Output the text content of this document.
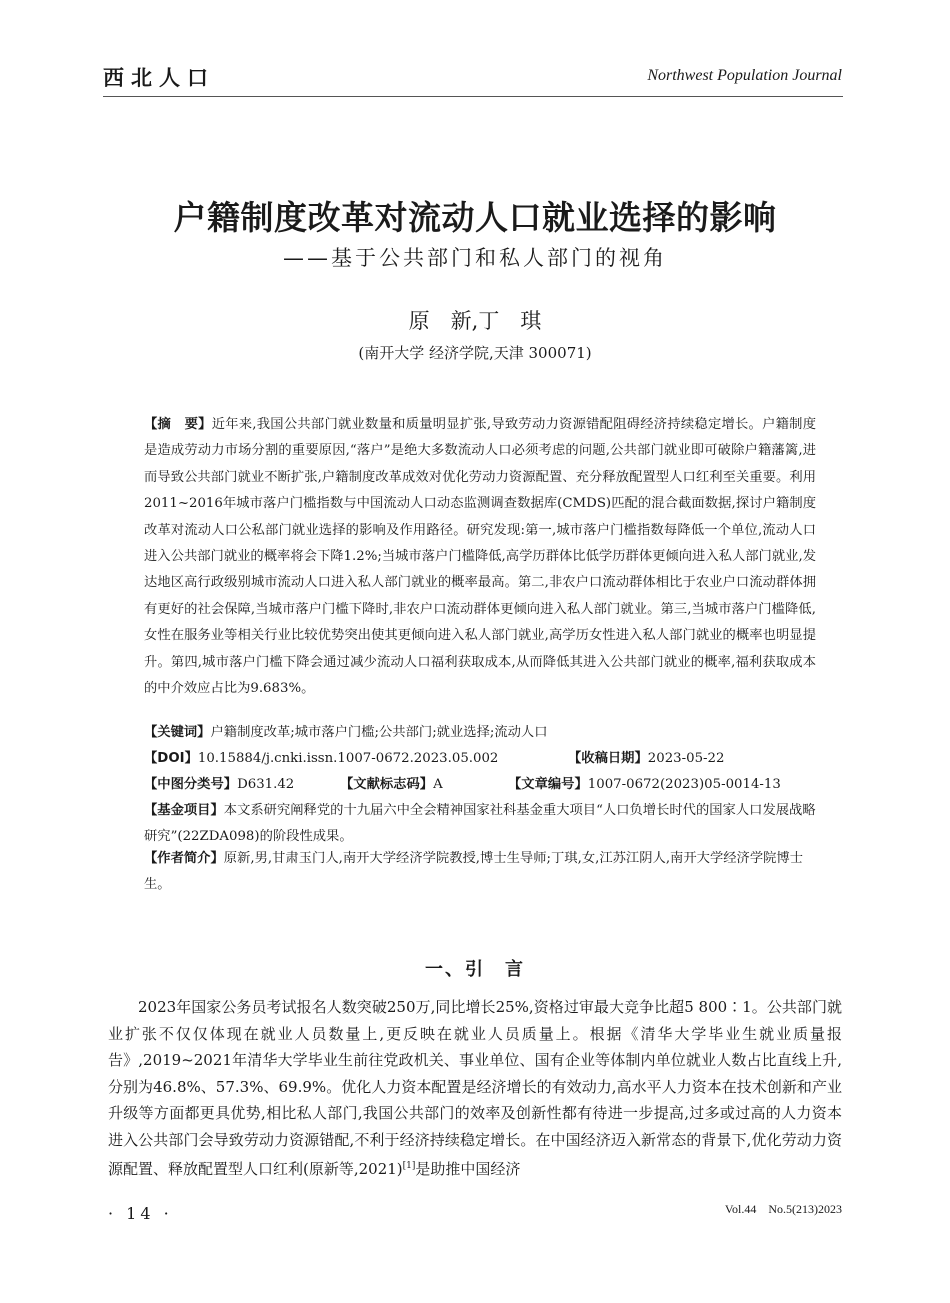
西北人口	Northwest Population Journal
户籍制度改革对流动人口就业选择的影响
——基于公共部门和私人部门的视角
原　新,丁　琪
(南开大学 经济学院,天津 300071)
【摘　要】近年来,我国公共部门就业数量和质量明显扩张,导致劳动力资源错配阻碍经济持续稳定增长。户籍制度是造成劳动力市场分割的重要原因,“落户”是绝大多数流动人口必须考虑的问题,公共部门就业即可破除户籍藩篱,进而导致公共部门就业不断扩张,户籍制度改革成效对优化劳动力资源配置、充分释放配置型人口红利至关重要。利用2011~2016年城市落户门槛指数与中国流动人口动态监测调查数据库(CMDS)匹配的混合截面数据,探讨户籍制度改革对流动人口公私部门就业选择的影响及作用路径。研究发现:第一,城市落户门槛指数每降低一个单位,流动人口进入公共部门就业的概率将会下降1.2%;当城市落户门槛降低,高学历群体比低学历群体更倾向进入私人部门就业,发达地区高行政级别城市流动人口进入私人部门就业的概率最高。第二,非农户口流动群体相比于农业户口流动群体拥有更好的社会保障,当城市落户门槛下降时,非农户口流动群体更倾向进入私人部门就业。第三,当城市落户门槛降低,女性在服务业等相关行业比较优势突出使其更倾向进入私人部门就业,高学历女性进入私人部门就业的概率也明显提升。第四,城市落户门槛下降会通过减少流动人口福利获取成本,从而降低其进入公共部门就业的概率,福利获取成本的中介效应占比为9.683%。
【关键词】户籍制度改革;城市落户门槛;公共部门;就业选择;流动人口
【DOI】10.15884/j.cnki.issn.1007-0672.2023.05.002	【收稿日期】2023-05-22
【中图分类号】D631.42	【文献标志码】A	【文章编号】1007-0672(2023)05-0014-13
【基金项目】本文系研究阐释党的十九届六中全会精神国家社科基金重大项目“人口负增长时代的国家人口发展战略研究”(22ZDA098)的阶段性成果。
【作者简介】原新,男,甘肃玉门人,南开大学经济学院教授,博士生导师;丁琪,女,江苏江阴人,南开大学经济学院博士生。
一、引　言
2023年国家公务员考试报名人数突破250万,同比增长25%,资格过审最大竞争比超5 800∶1。公共部门就业扩张不仅仅体现在就业人员数量上,更反映在就业人员质量上。根据《清华大学毕业生就业质量报告》,2019~2021年清华大学毕业生前往党政机关、事业单位、国有企业等体制内单位就业人数占比直线上升,分别为46.8%、57.3%、69.9%。优化人力资本配置是经济增长的有效动力,高水平人力资本在技术创新和产业升级等方面都更具优势,相比私人部门,我国公共部门的效率及创新性都有待进一步提高,过多或过高的人力资本进入公共部门会导致劳动力资源错配,不利于经济持续稳定增长。在中国经济迈入新常态的背景下,优化劳动力资源配置、释放配置型人口红利(原新等,2021)[1]是助推中国经济
· 14 ·	Vol.44　No.5(213)2023
